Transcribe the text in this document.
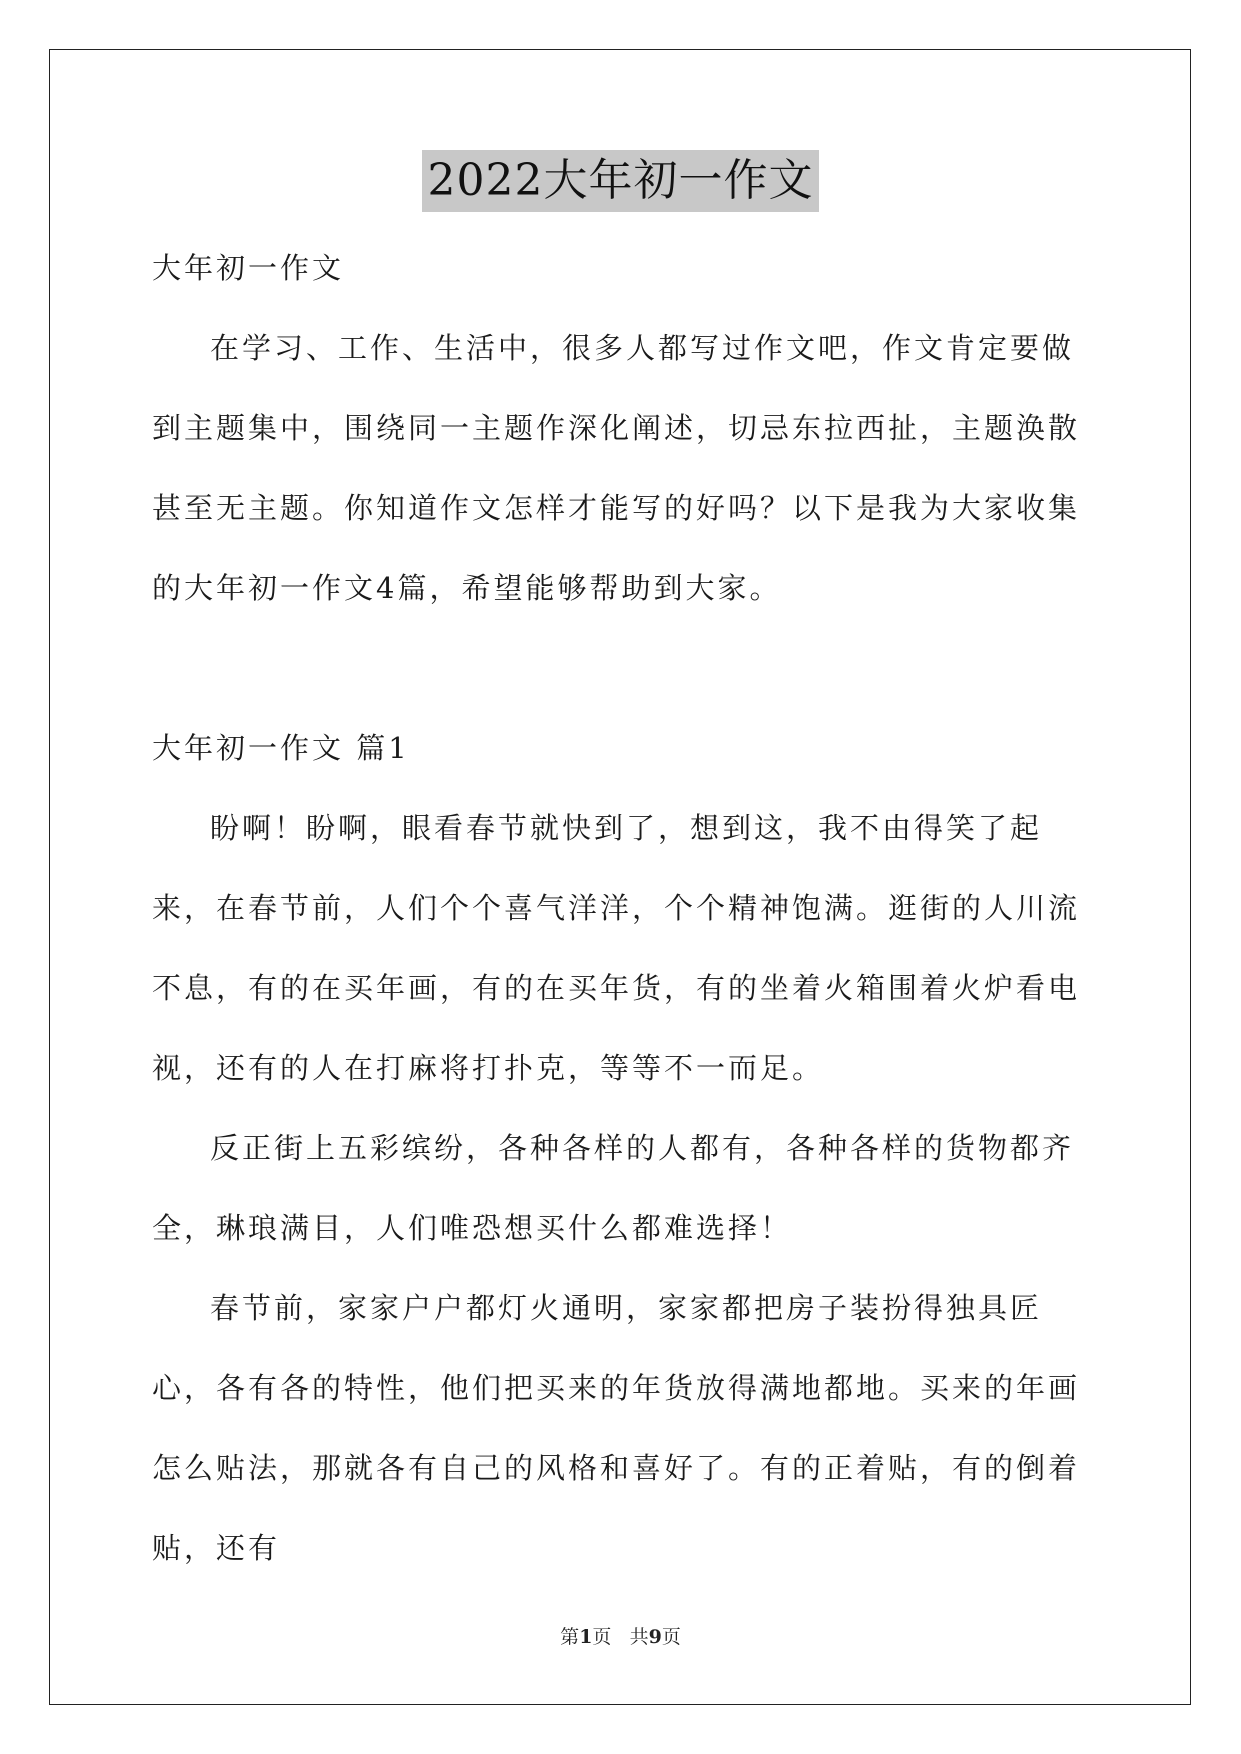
2022大年初一作文

大年初一作文

在学习、工作、生活中，很多人都写过作文吧，作文肯定要做到主题集中，围绕同一主题作深化阐述，切忌东拉西扯，主题涣散甚至无主题。你知道作文怎样才能写的好吗？以下是我为大家收集的大年初一作文4篇，希望能够帮助到大家。

大年初一作文 篇1

盼啊！盼啊，眼看春节就快到了，想到这，我不由得笑了起来，在春节前，人们个个喜气洋洋，个个精神饱满。逛街的人川流不息，有的在买年画，有的在买年货，有的坐着火箱围着火炉看电视，还有的人在打麻将打扑克，等等不一而足。

反正街上五彩缤纷，各种各样的人都有，各种各样的货物都齐全，琳琅满目，人们唯恐想买什么都难选择！

春节前，家家户户都灯火通明，家家都把房子装扮得独具匠心，各有各的特性，他们把买来的年货放得满地都地。买来的年画怎么贴法，那就各有自己的风格和喜好了。有的正着贴，有的倒着贴，还有

第1页 共9页
